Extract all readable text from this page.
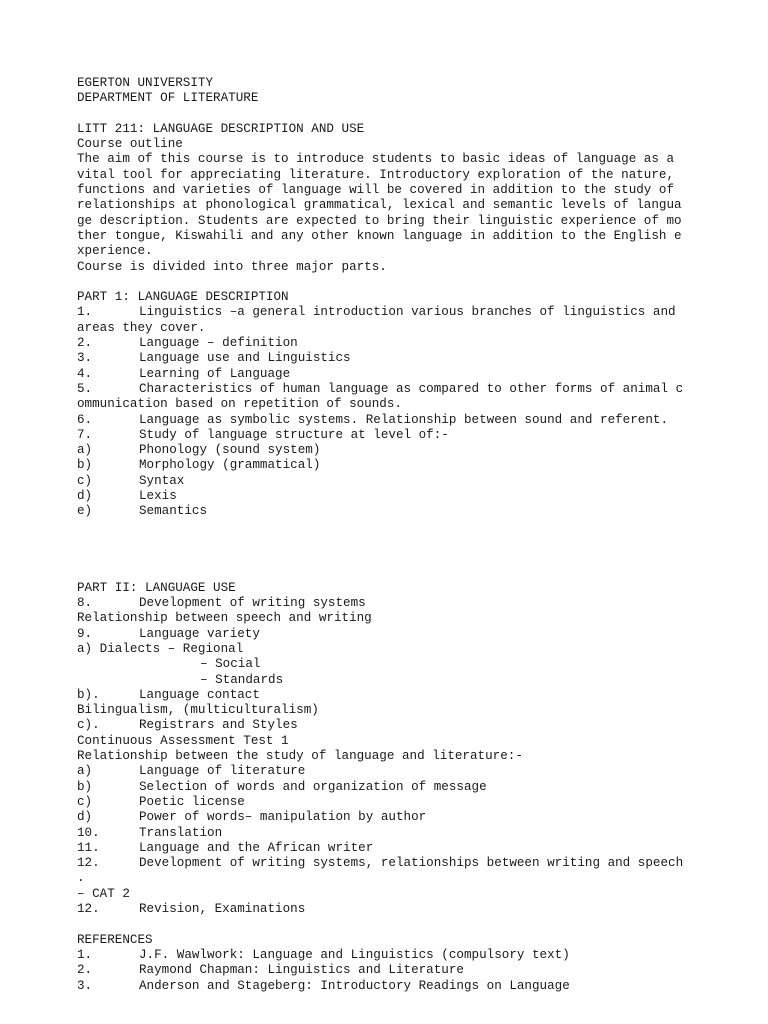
EGERTON UNIVERSITY
DEPARTMENT OF LITERATURE
LITT 211: LANGUAGE DESCRIPTION AND USE
Course outline
The aim of this course is to introduce students to basic ideas of language as a
vital tool for appreciating literature. Introductory exploration of the nature,
functions and varieties of language will be covered in addition to the study of
relationships at phonological grammatical, lexical and semantic levels of langua
ge description. Students are expected to bring their linguistic experience of mo
ther tongue, Kiswahili and any other known language in addition to the English e
xperience.
Course is divided into three major parts.
PART 1: LANGUAGE DESCRIPTION
1.	Linguistics –a general introduction various branches of linguistics and
areas they cover.
2.	Language – definition
3.	Language use and Linguistics
4.	Learning of Language
5.	Characteristics of human language as compared to other forms of animal c
ommunication based on repetition of sounds.
6.	Language as symbolic systems. Relationship between sound and referent.
7.	Study of language structure at level of:-
a)	Phonology (sound system)
b)	Morphology (grammatical)
c)	Syntax
d)	Lexis
e)	Semantics
PART II: LANGUAGE USE
8.	Development of writing systems
Relationship between speech and writing
9.	Language variety
a) Dialects – Regional
– Social
– Standards
b).	Language contact
Bilingualism, (multiculturalism)
c).	Registrars and Styles
Continuous Assessment Test 1
Relationship between the study of language and literature:-
a)	Language of literature
b)	Selection of words and organization of message
c)	Poetic license
d)	Power of words– manipulation by author
10.	Translation
11.	Language and the African writer
12.	Development of writing systems, relationships between writing and speech
.
– CAT 2
12.	Revision, Examinations
REFERENCES
1.	J.F. Wawlwork: Language and Linguistics (compulsory text)
2.	Raymond Chapman: Linguistics and Literature
3.	Anderson and Stageberg: Introductory Readings on Language
